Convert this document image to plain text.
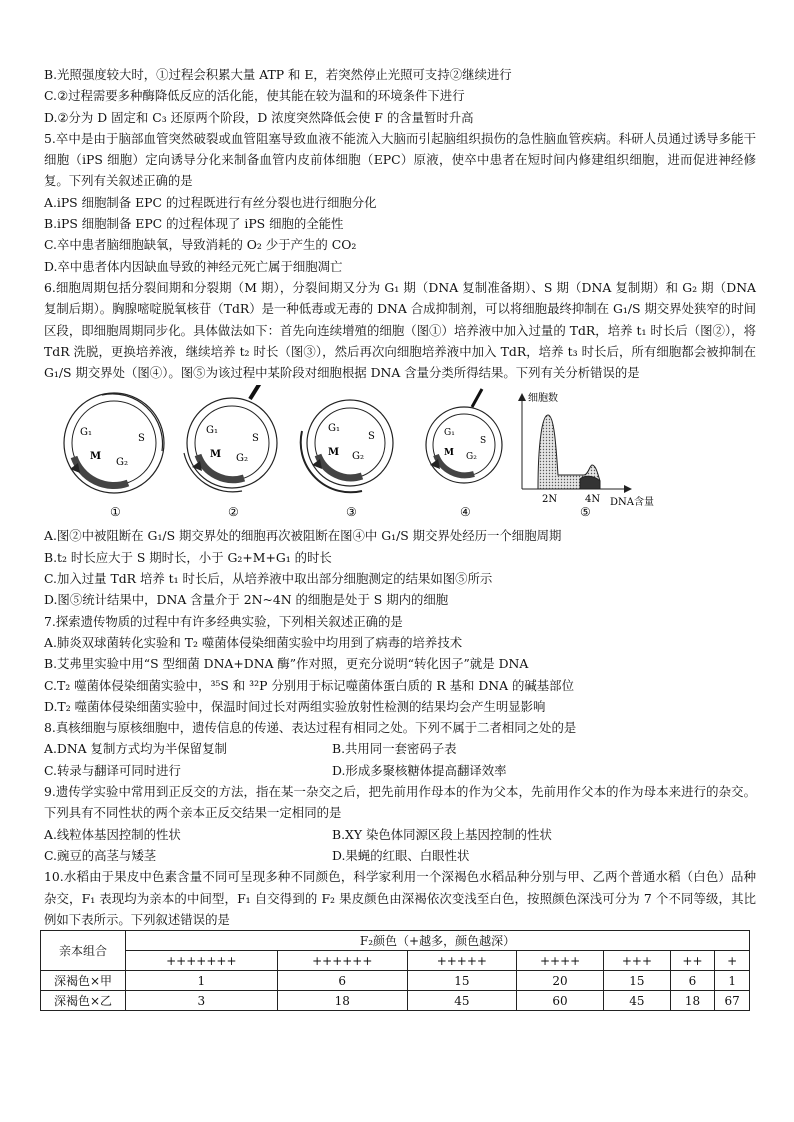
B.光照强度较大时，①过程会积累大量 ATP 和 E，若突然停止光照可支持②继续进行
C.②过程需要多种酶降低反应的活化能，使其能在较为温和的环境条件下进行
D.②分为 D 固定和 C₃ 还原两个阶段，D 浓度突然降低会使 F 的含量暂时升高
5.卒中是由于脑部血管突然破裂或血管阻塞导致血液不能流入大脑而引起脑组织损伤的急性脑血管疾病。科研人员通过诱导多能干细胞（iPS 细胞）定向诱导分化来制备血管内皮前体细胞（EPC）原液，使卒中患者在短时间内修建组织细胞，进而促进神经修复。下列有关叙述正确的是
A.iPS 细胞制备 EPC 的过程既进行有丝分裂也进行细胞分化
B.iPS 细胞制备 EPC 的过程体现了 iPS 细胞的全能性
C.卒中患者脑细胞缺氧，导致消耗的 O₂ 少于产生的 CO₂
D.卒中患者体内因缺血导致的神经元死亡属于细胞凋亡
6.细胞周期包括分裂间期和分裂期（M 期），分裂间期又分为 G₁ 期（DNA 复制准备期）、S 期（DNA 复制期）和 G₂ 期（DNA 复制后期）。胸腺嘧啶脱氧核苷（TdR）是一种低毒或无毒的 DNA 合成抑制剂，可以将细胞最终抑制在 G₁/S 期交界处狭窄的时间区段，即细胞周期同步化。具体做法如下：首先向连续增殖的细胞（图①）培养液中加入过量的 TdR，培养 t₁ 时长后（图②），将 TdR 洗脱，更换培养液，继续培养 t₂ 时长（图③），然后再次向细胞培养液中加入 TdR，培养 t₃ 时长后，所有细胞都会被抑制在 G₁/S 期交界处（图④）。图⑤为该过程中某阶段对细胞根据 DNA 含量分类所得结果。下列有关分析错误的是
G₁
S
M
G₂
①
G₁
S
M G₂
②
G₁
S
M G₂
③
G₁
S
M G₂
④
细胞数
2N	4N DNA含量
⑤
A.图②中被阻断在 G₁/S 期交界处的细胞再次被阻断在图④中 G₁/S 期交界处经历一个细胞周期
B.t₂ 时长应大于 S 期时长，小于 G₂+M+G₁ 的时长
C.加入过量 TdR 培养 t₁ 时长后，从培养液中取出部分细胞测定的结果如图⑤所示
D.图⑤统计结果中，DNA 含量介于 2N~4N 的细胞是处于 S 期内的细胞
7.探索遗传物质的过程中有许多经典实验，下列相关叙述正确的是
A.肺炎双球菌转化实验和 T₂ 噬菌体侵染细菌实验中均用到了病毒的培养技术
B.艾弗里实验中用“S 型细菌 DNA+DNA 酶”作对照，更充分说明“转化因子”就是 DNA
C.T₂ 噬菌体侵染细菌实验中，³⁵S 和 ³²P 分别用于标记噬菌体蛋白质的 R 基和 DNA 的碱基部位
D.T₂ 噬菌体侵染细菌实验中，保温时间过长对两组实验放射性检测的结果均会产生明显影响
8.真核细胞与原核细胞中，遗传信息的传递、表达过程有相同之处。下列不属于二者相同之处的是
A.DNA 复制方式均为半保留复制	B.共用同一套密码子表
C.转录与翻译可同时进行	D.形成多聚核糖体提高翻译效率
9.遗传学实验中常用到正反交的方法，指在某一杂交之后，把先前用作母本的作为父本，先前用作父本的作为母本来进行的杂交。下列具有不同性状的两个亲本正反交结果一定相同的是
A.线粒体基因控制的性状	B.XY 染色体同源区段上基因控制的性状
C.豌豆的高茎与矮茎	D.果蝇的红眼、白眼性状
10.水稻由于果皮中色素含量不同可呈现多种不同颜色，科学家利用一个深褐色水稻品种分别与甲、乙两个普通水稻（白色）品种杂交，F₁ 表现均为亲本的中间型，F₁ 自交得到的 F₂ 果皮颜色由深褐依次变浅至白色，按照颜色深浅可分为 7 个不同等级，其比例如下表所示。下列叙述错误的是
亲本组合	F₂颜色（+越多，颜色越深）						
	+++++++	++++++	+++++	++++	+++	++	+
深褐色×甲	1	6	15	20	15	6	1
深褐色×乙	3	18	45	60	45	18	67
